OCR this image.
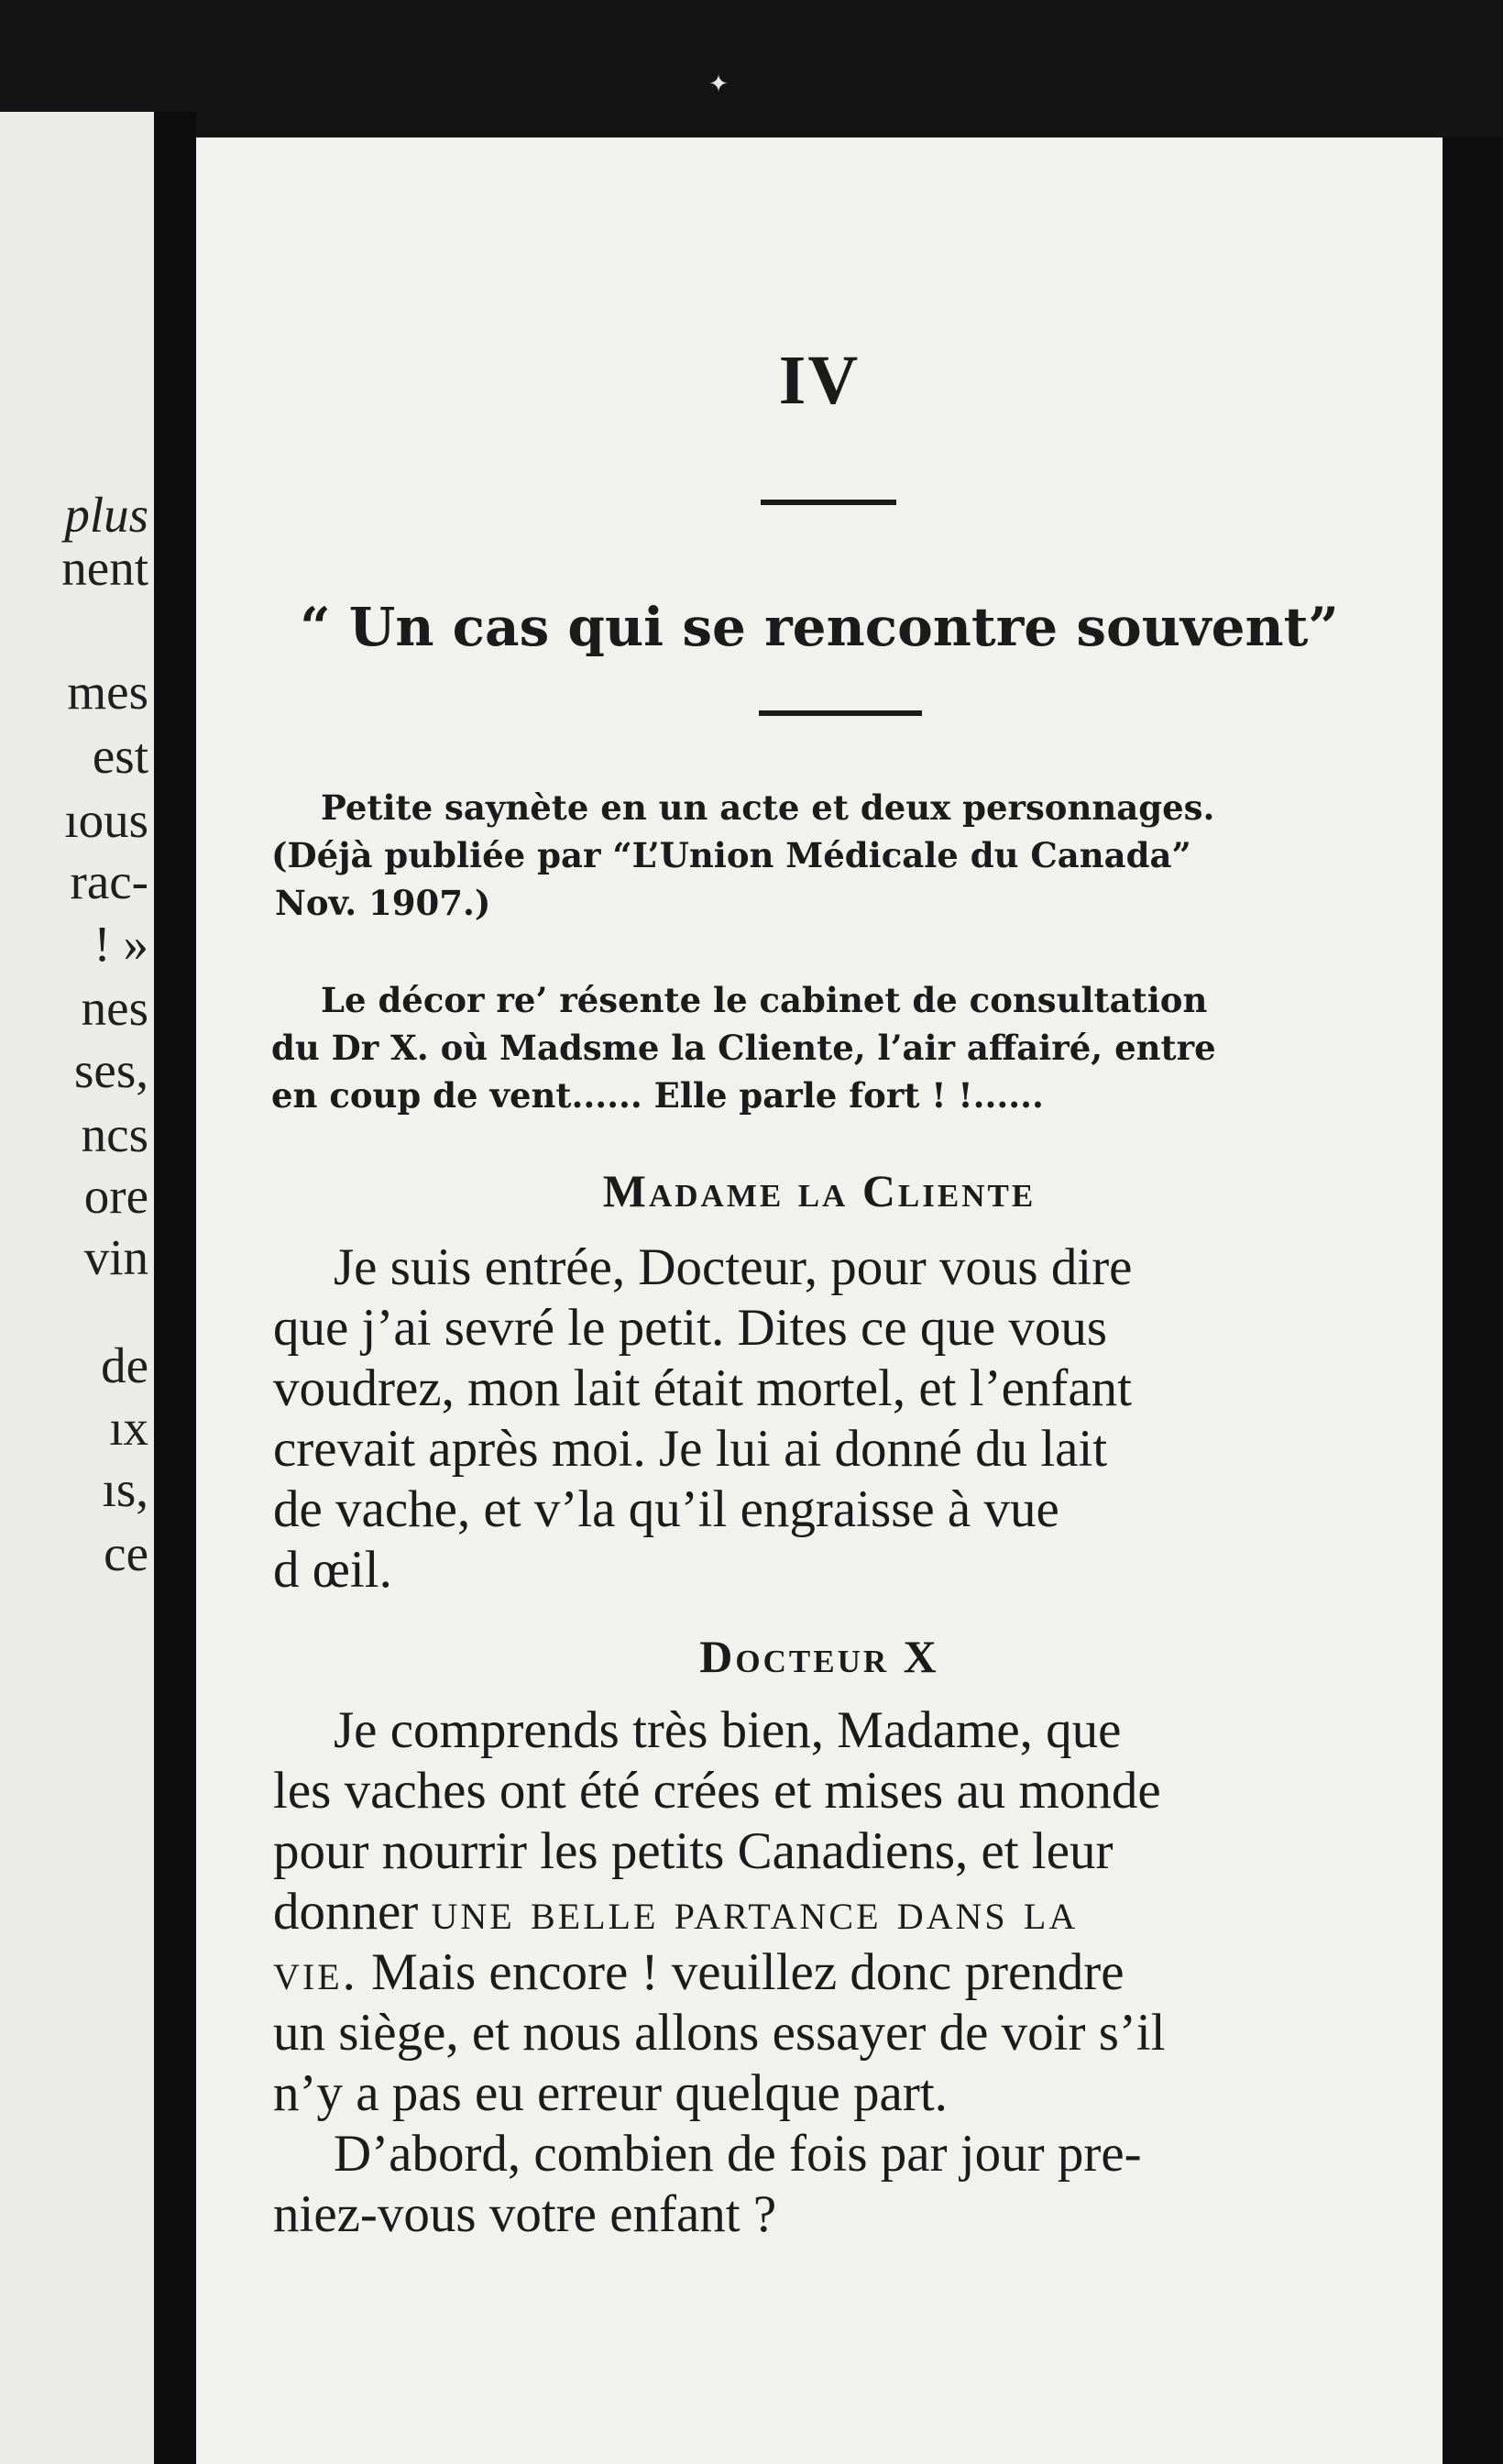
plus

nent

mes

est

ıous

rac-

! »

nes

ses,

ncs

ore

vin

de

ıx

ıs,

ce

✦
IV
“ Un cas qui se rencontre souvent”

Petite saynète en un acte et deux personnages.
(Déjà publiée par “L’Union Médicale du Canada”
Nov. 1907.)

Le décor re’ résente le cabinet de consultation
du Dr X. où Madsme la Cliente, l’air affairé, entre
en coup de vent...... Elle parle fort ! !......

Madame la Cliente
Je suis entrée, Docteur, pour vous dire
que j’ai sevré le petit. Dites ce que vous
voudrez, mon lait était mortel, et l’enfant
crevait après moi. Je lui ai donné du lait
de vache, et v’la qu’il engraisse à vue
d œil.
Docteur X
Je comprends très bien, Madame, que
les vaches ont été crées et mises au monde
pour nourrir les petits Canadiens, et leur
donner une belle partance dans la
vie. Mais encore ! veuillez donc prendre
un siège, et nous allons essayer de voir s’il
n’y a pas eu erreur quelque part.
D’abord, combien de fois par jour pre-
niez-vous votre enfant ?
